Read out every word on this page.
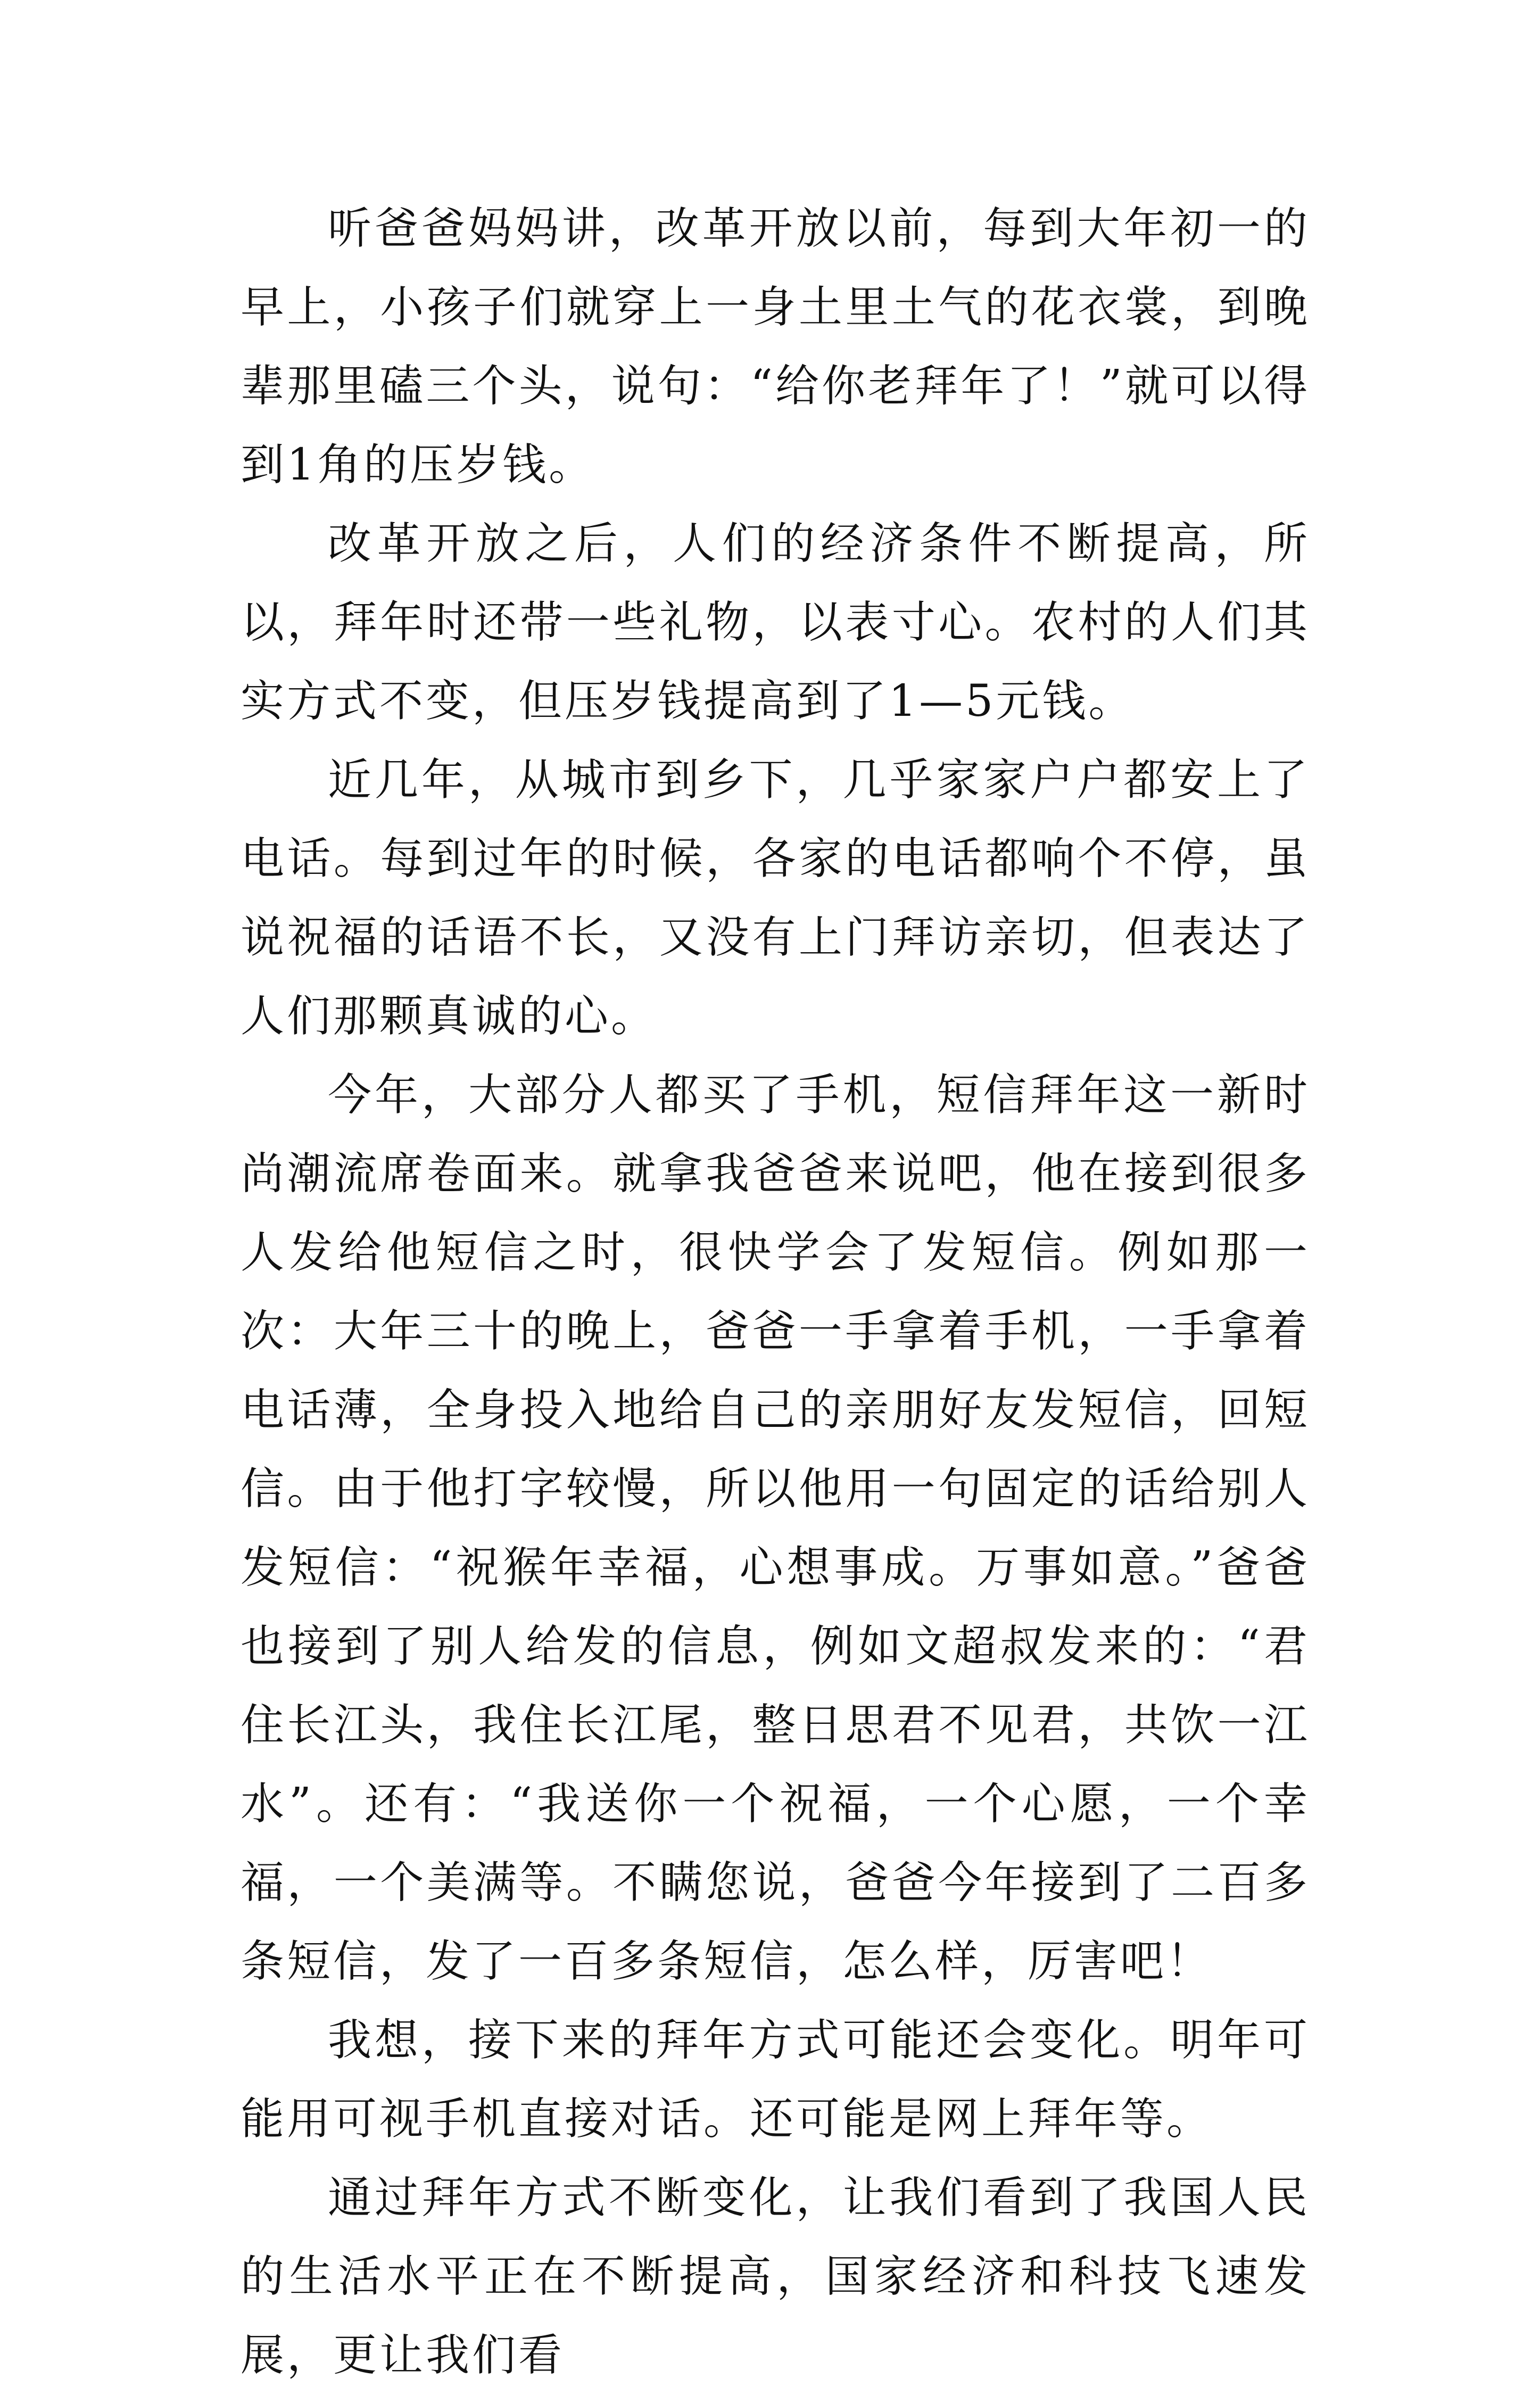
听爸爸妈妈讲，改革开放以前，每到大年初一的早上，小孩子们就穿上一身土里土气的花衣裳，到晚辈那里磕三个头，说句：“给你老拜年了！”就可以得到1角的压岁钱。

改革开放之后，人们的经济条件不断提高，所以，拜年时还带一些礼物，以表寸心。农村的人们其实方式不变，但压岁钱提高到了1—5元钱。

近几年，从城市到乡下，几乎家家户户都安上了电话。每到过年的时候，各家的电话都响个不停，虽说祝福的话语不长，又没有上门拜访亲切，但表达了人们那颗真诚的心。

今年，大部分人都买了手机，短信拜年这一新时尚潮流席卷面来。就拿我爸爸来说吧，他在接到很多人发给他短信之时，很快学会了发短信。例如那一次：大年三十的晚上，爸爸一手拿着手机，一手拿着电话薄，全身投入地给自己的亲朋好友发短信，回短信。由于他打字较慢，所以他用一句固定的话给别人发短信：“祝猴年幸福，心想事成。万事如意。”爸爸也接到了别人给发的信息，例如文超叔发来的：“君住长江头，我住长江尾，整日思君不见君，共饮一江水”。还有：“我送你一个祝福，一个心愿，一个幸福，一个美满等。不瞒您说，爸爸今年接到了二百多条短信，发了一百多条短信，怎么样，厉害吧！

我想，接下来的拜年方式可能还会变化。明年可能用可视手机直接对话。还可能是网上拜年等。

通过拜年方式不断变化，让我们看到了我国人民的生活水平正在不断提高，国家经济和科技飞速发展，更让我们看
